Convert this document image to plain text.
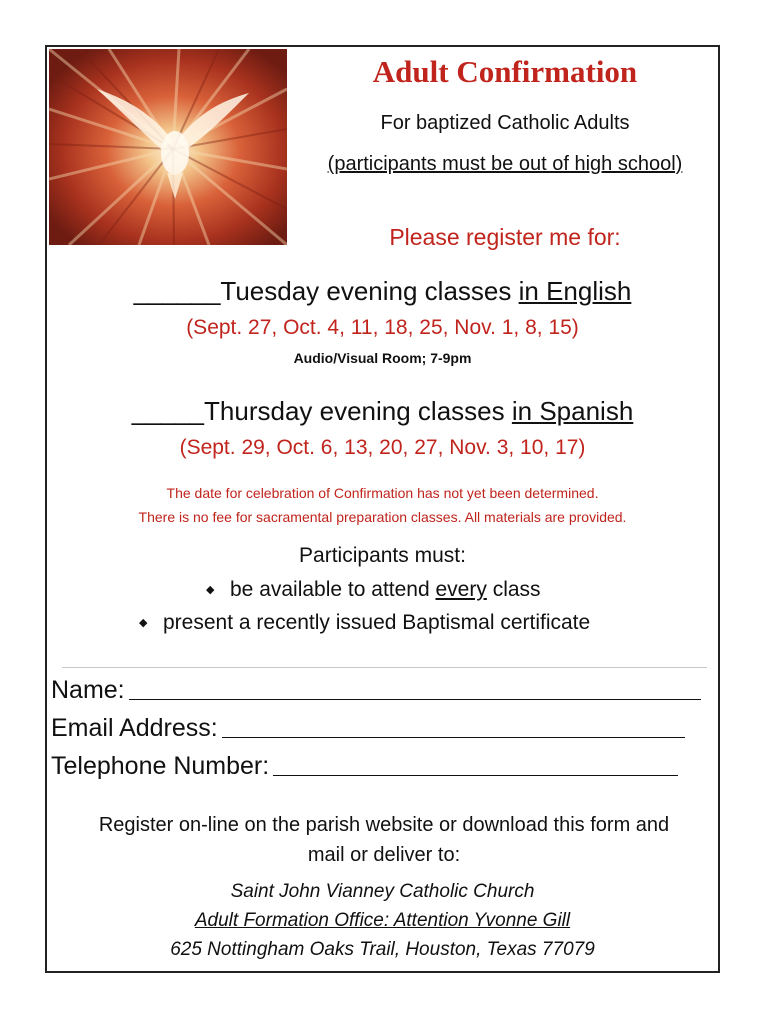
Adult Confirmation
For baptized Catholic Adults
(participants must be out of high school)
Please register me for:
______Tuesday evening classes in English
(Sept. 27, Oct. 4, 11, 18, 25, Nov. 1, 8, 15)
Audio/Visual Room; 7-9pm
_____Thursday evening classes in Spanish
(Sept. 29, Oct. 6, 13, 20, 27, Nov. 3, 10, 17)
The date for celebration of Confirmation has not yet been determined.
There is no fee for sacramental preparation classes. All materials are provided.
Participants must:
◆ be available to attend every class
◆ present a recently issued Baptismal certificate
Name:
Email Address:
Telephone Number:
Register on-line on the parish website or download this form and
mail or deliver to:
Saint John Vianney Catholic Church
Adult Formation Office: Attention Yvonne Gill
625 Nottingham Oaks Trail, Houston, Texas 77079
